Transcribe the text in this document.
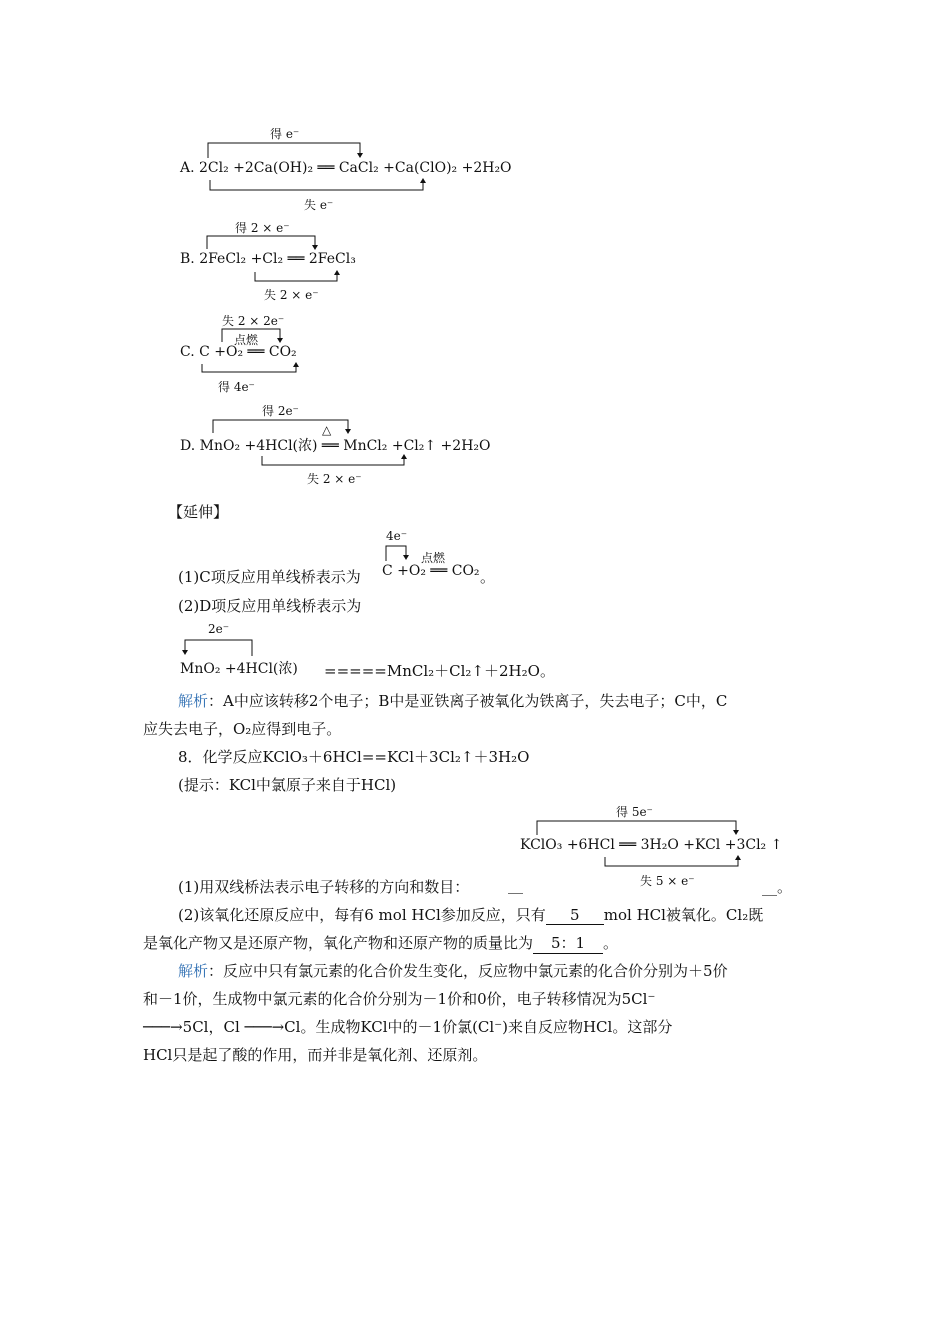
得 e⁻
A. 2Cl₂ +2Ca(OH)₂ ══ CaCl₂ +Ca(ClO)₂ +2H₂O
失 e⁻
得 2 × e⁻
B. 2FeCl₂ +Cl₂ ══ 2FeCl₃
失 2 × e⁻
失 2 × 2e⁻
点燃
C. C +O₂ ══ CO₂
得 4e⁻
得 2e⁻
△
D. MnO₂ +4HCl(浓) ══ MnCl₂ +Cl₂↑ +2H₂O
失 2 × e⁻
【延伸】
4e⁻
点燃
(1)C项反应用单线桥表示为 C +O₂ ══ CO₂ 。
(2)D项反应用单线桥表示为
2e⁻
MnO₂ +4HCl(浓) =====MnCl₂＋Cl₂↑＋2H₂O。
解析：A中应该转移2个电子；B中是亚铁离子被氧化为铁离子，失去电子；C中，C
应失去电子，O₂应得到电子。
8．化学反应KClO₃＋6HCl==KCl＋3Cl₂↑＋3H₂O
(提示：KCl中氯原子来自于HCl)
得 5e⁻
KClO₃ +6HCl ══ 3H₂O +KCl +3Cl₂ ↑
失 5 × e⁻
(1)用双线桥法表示电子转移的方向和数目：	__	__。
(2)该氧化还原反应中，每有6 mol HCl参加反应，只有 5 mol HCl被氧化。Cl₂既
是氧化产物又是还原产物，氧化产物和还原产物的质量比为 5：1 。
解析：反应中只有氯元素的化合价发生变化，反应物中氯元素的化合价分别为＋5价
和－1价，生成物中氯元素的化合价分别为－1价和0价，电子转移情况为5Cl⁻
───→5Cl，Cl ───→Cl。生成物KCl中的－1价氯(Cl⁻)来自反应物HCl。这部分
HCl只是起了酸的作用，而并非是氧化剂、还原剂。
